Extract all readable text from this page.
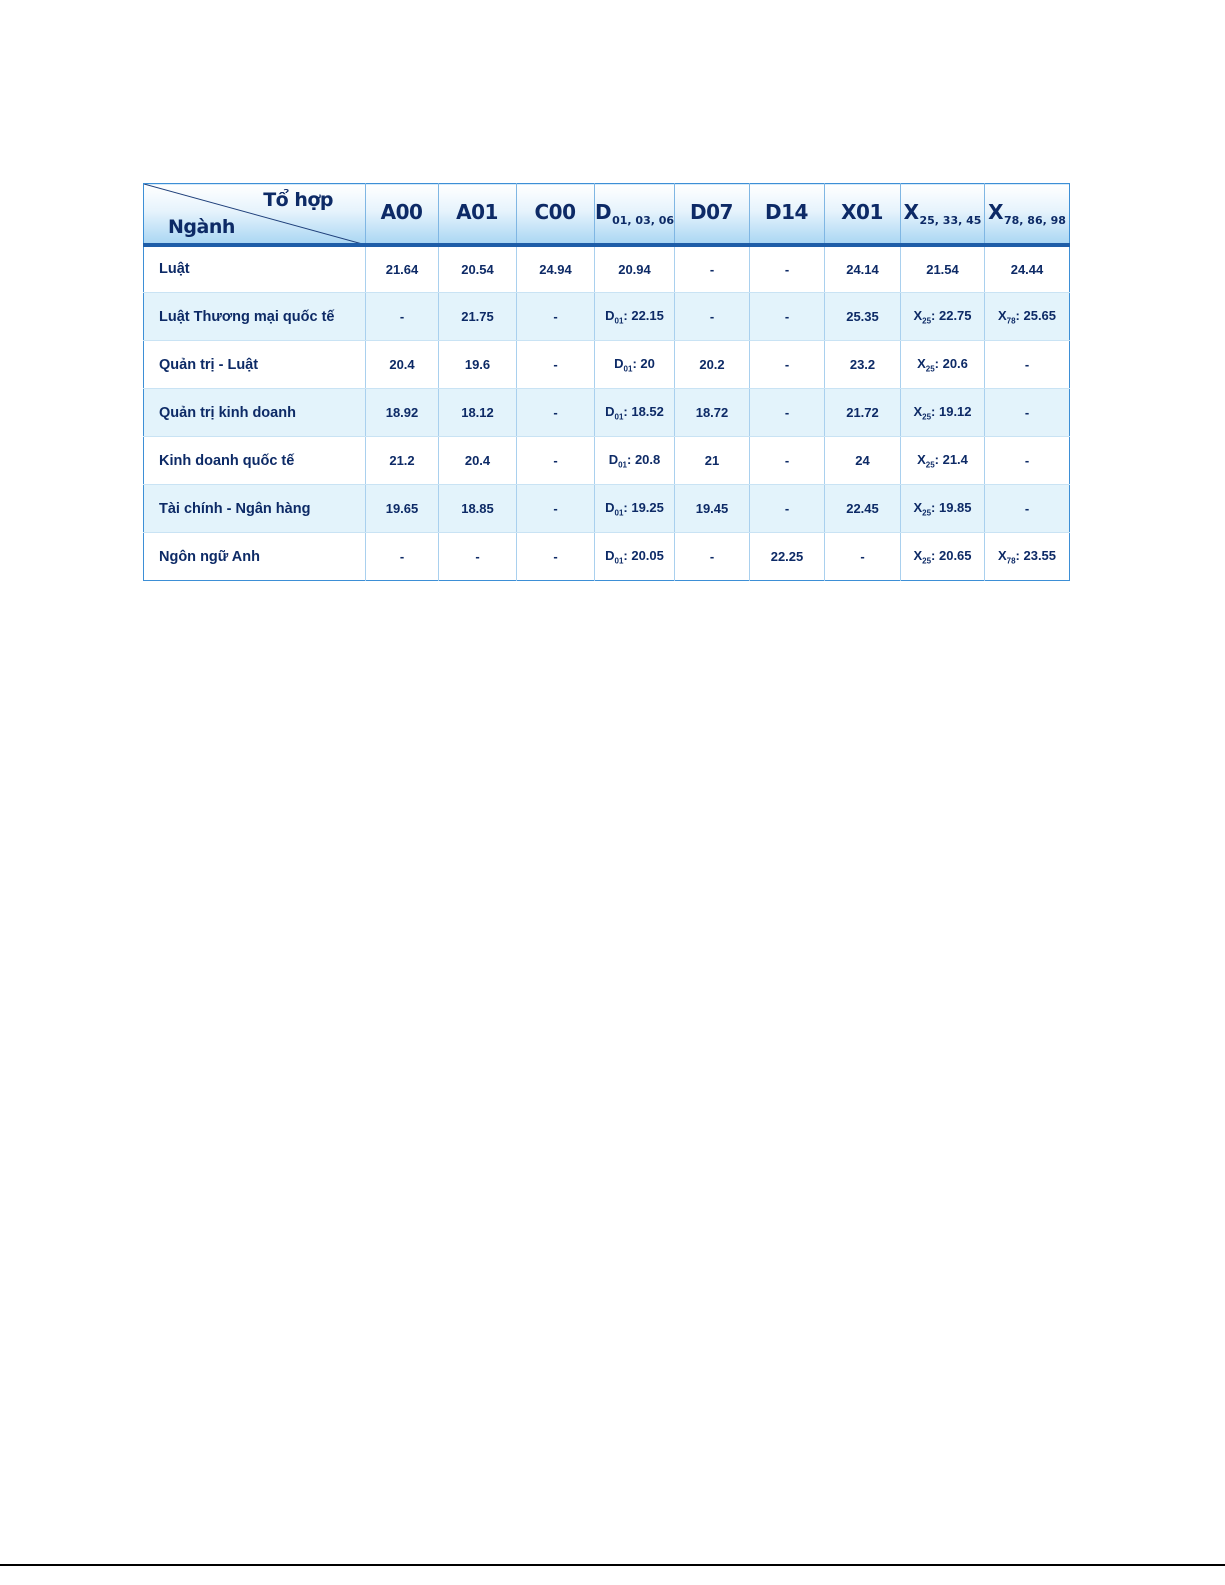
Tổ hợp
Ngành	A00	A01	C00	$D_{01, 03, 06}$	D07	D14	X01	$X_{25, 33, 45}$	$X_{78, 86, 98}$
Luật	21.64	20.54	24.94	20.94	-	-	24.14	21.54	24.44
Luật Thương mại quốc tế	-	21.75	-	$D_{01}$: 22.15	-	-	25.35	$X_{25}$: 22.75	$X_{78}$: 25.65
Quản trị - Luật	20.4	19.6	-	$D_{01}$: 20	20.2	-	23.2	$X_{25}$: 20.6	-
Quản trị kinh doanh	18.92	18.12	-	$D_{01}$: 18.52	18.72	-	21.72	$X_{25}$: 19.12	-
Kinh doanh quốc tế	21.2	20.4	-	$D_{01}$: 20.8	21	-	24	$X_{25}$: 21.4	-
Tài chính - Ngân hàng	19.65	18.85	-	$D_{01}$: 19.25	19.45	-	22.45	$X_{25}$: 19.85	-
Ngôn ngữ Anh	-	-	-	$D_{01}$: 20.05	-	22.25	-	$X_{25}$: 20.65	$X_{78}$: 23.55
